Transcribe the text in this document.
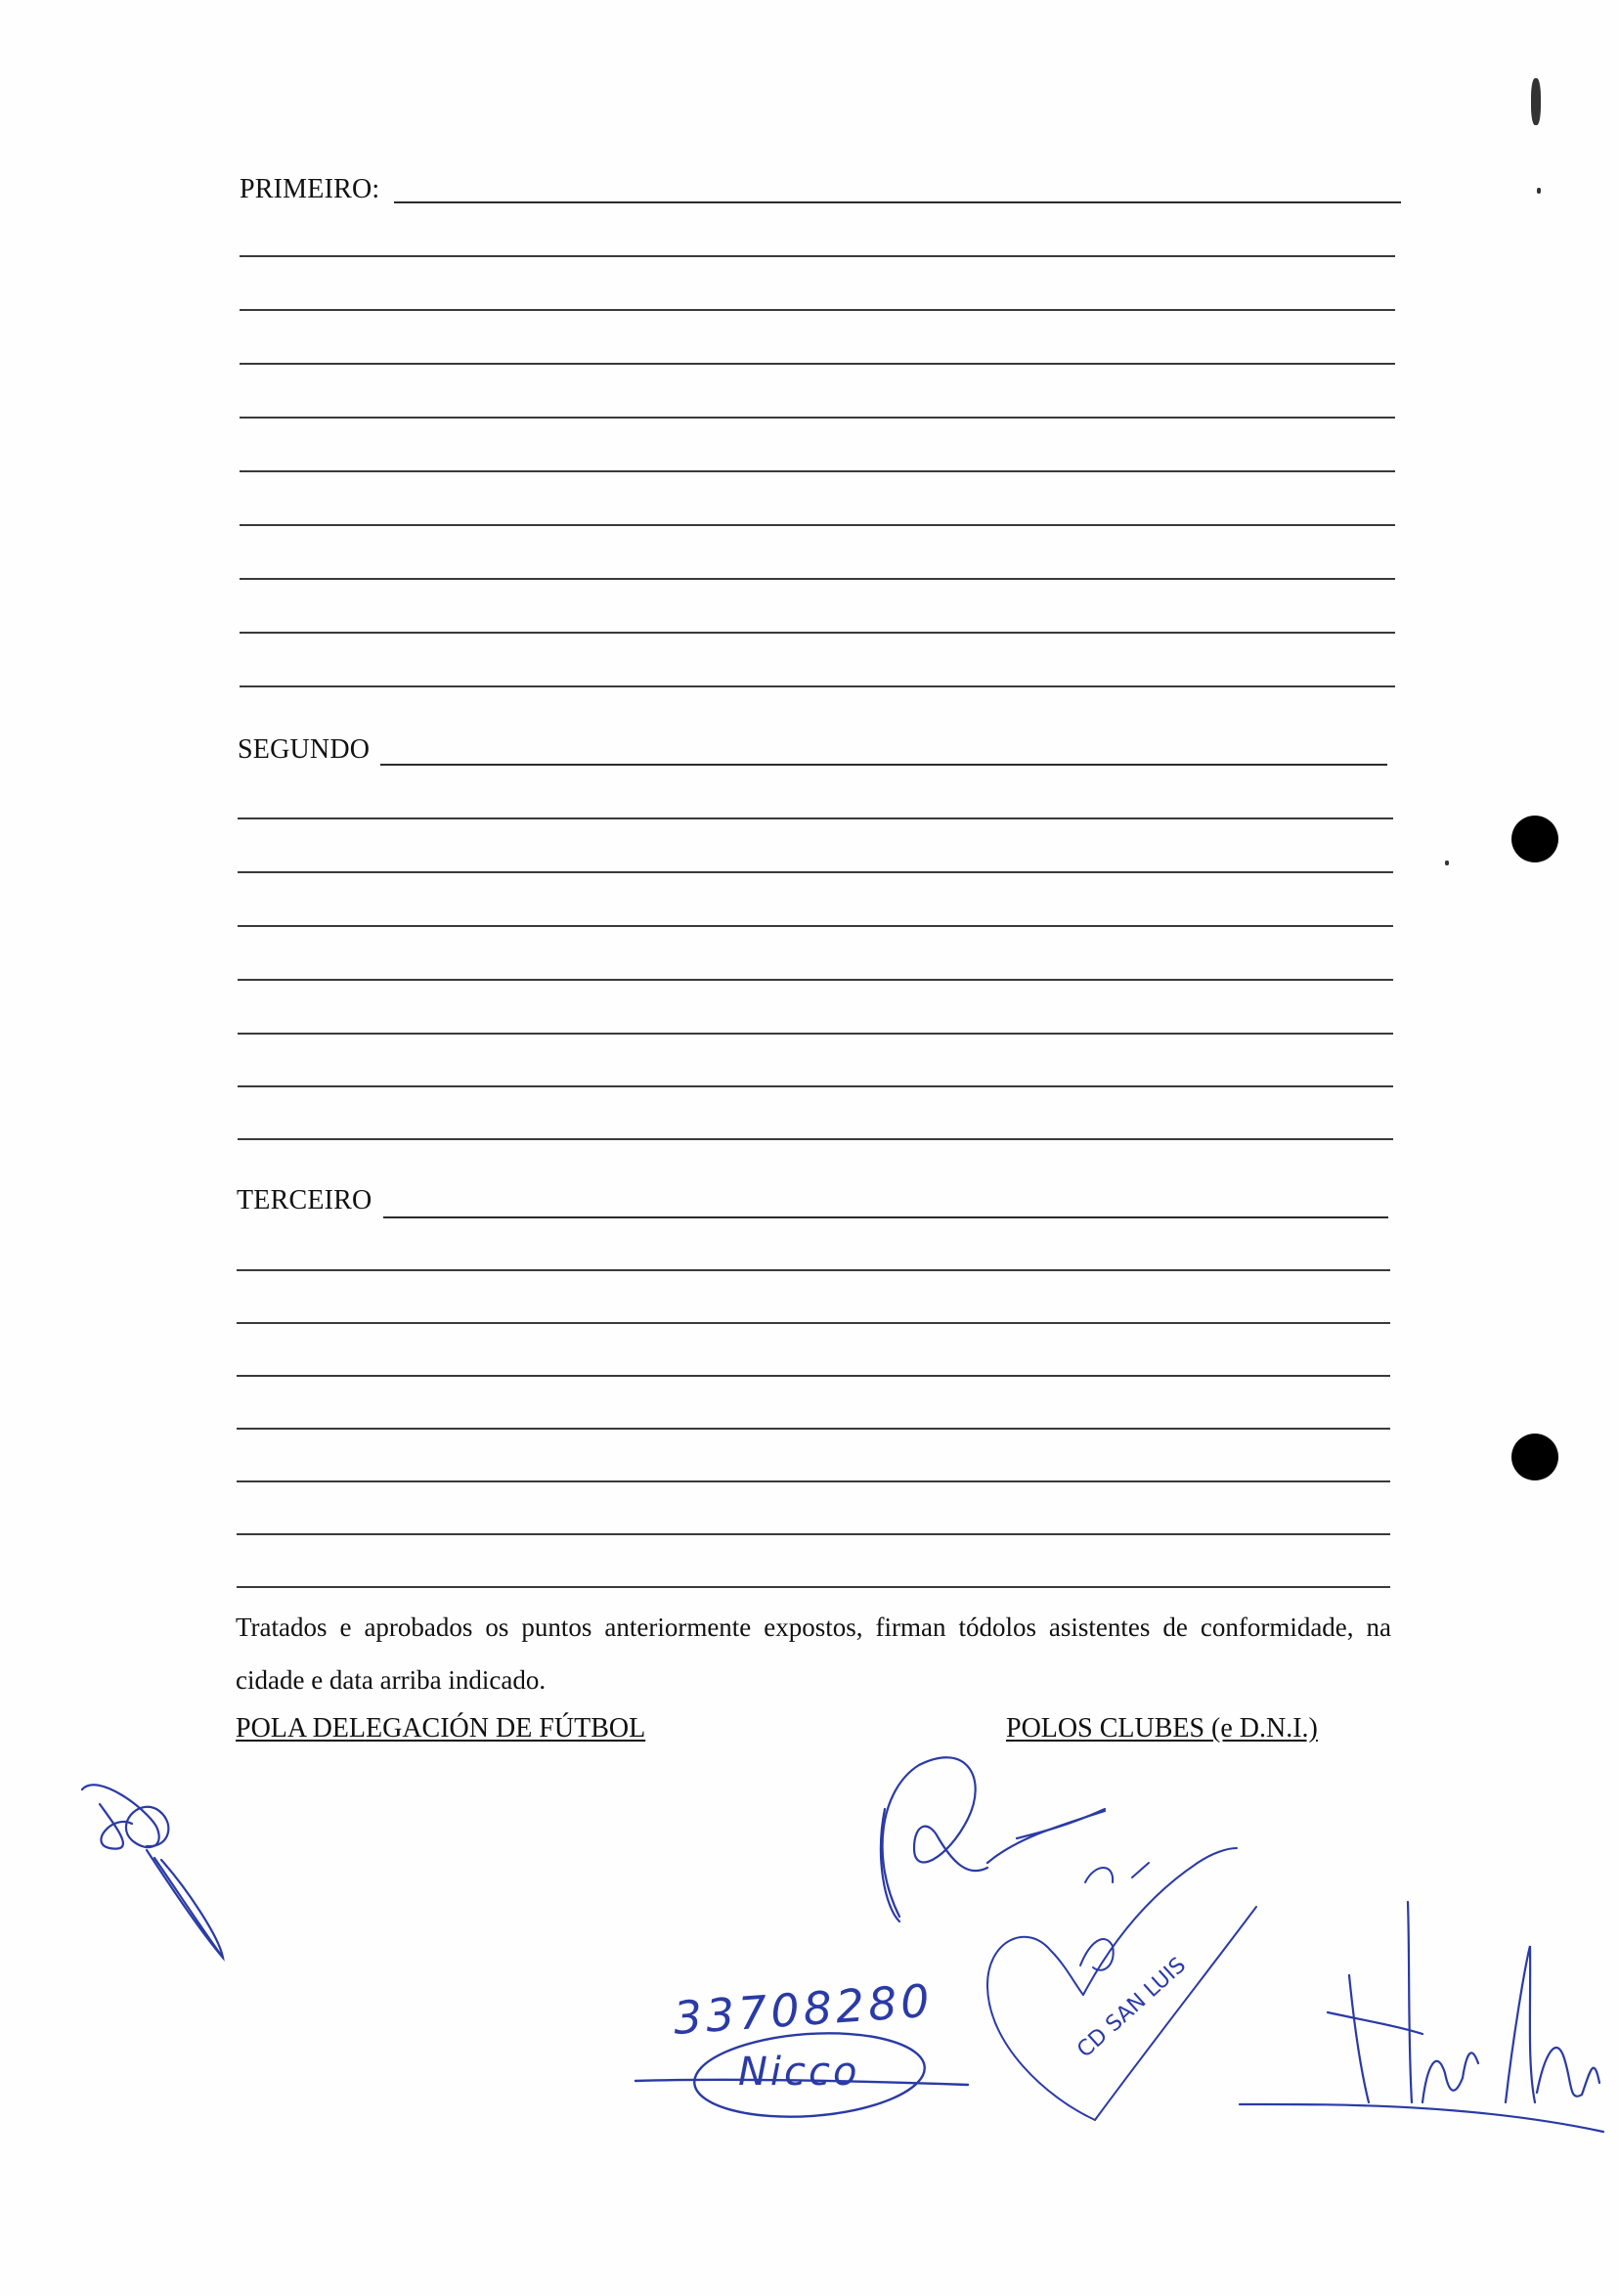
PRIMEIRO:
SEGUNDO
TERCEIRO
Tratados e aprobados os puntos anteriormente expostos, firman tódolos asistentes de conformidade, na cidade e data arriba indicado.
POLA DELEGACIÓN DE FÚTBOL	POLOS CLUBES (e D.N.I.)
CD SAN LUIS
33708280
Nicco
